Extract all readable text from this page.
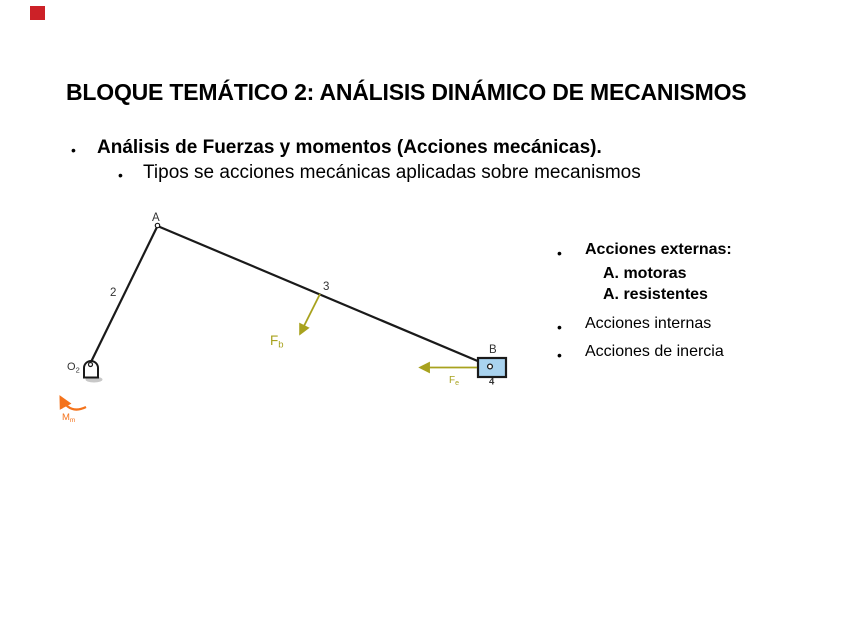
BLOQUE TEMÁTICO 2: ANÁLISIS DINÁMICO DE MECANISMOS
• Análisis de Fuerzas y momentos (Acciones mecánicas).
• Tipos se acciones mecánicas aplicadas sobre mecanismos
• Acciones externas:
A. motoras
A. resistentes
• Acciones internas
• Acciones de inercia
A
2	3
B
4
$O_2$
Fb
$F_e$
$M_m$
